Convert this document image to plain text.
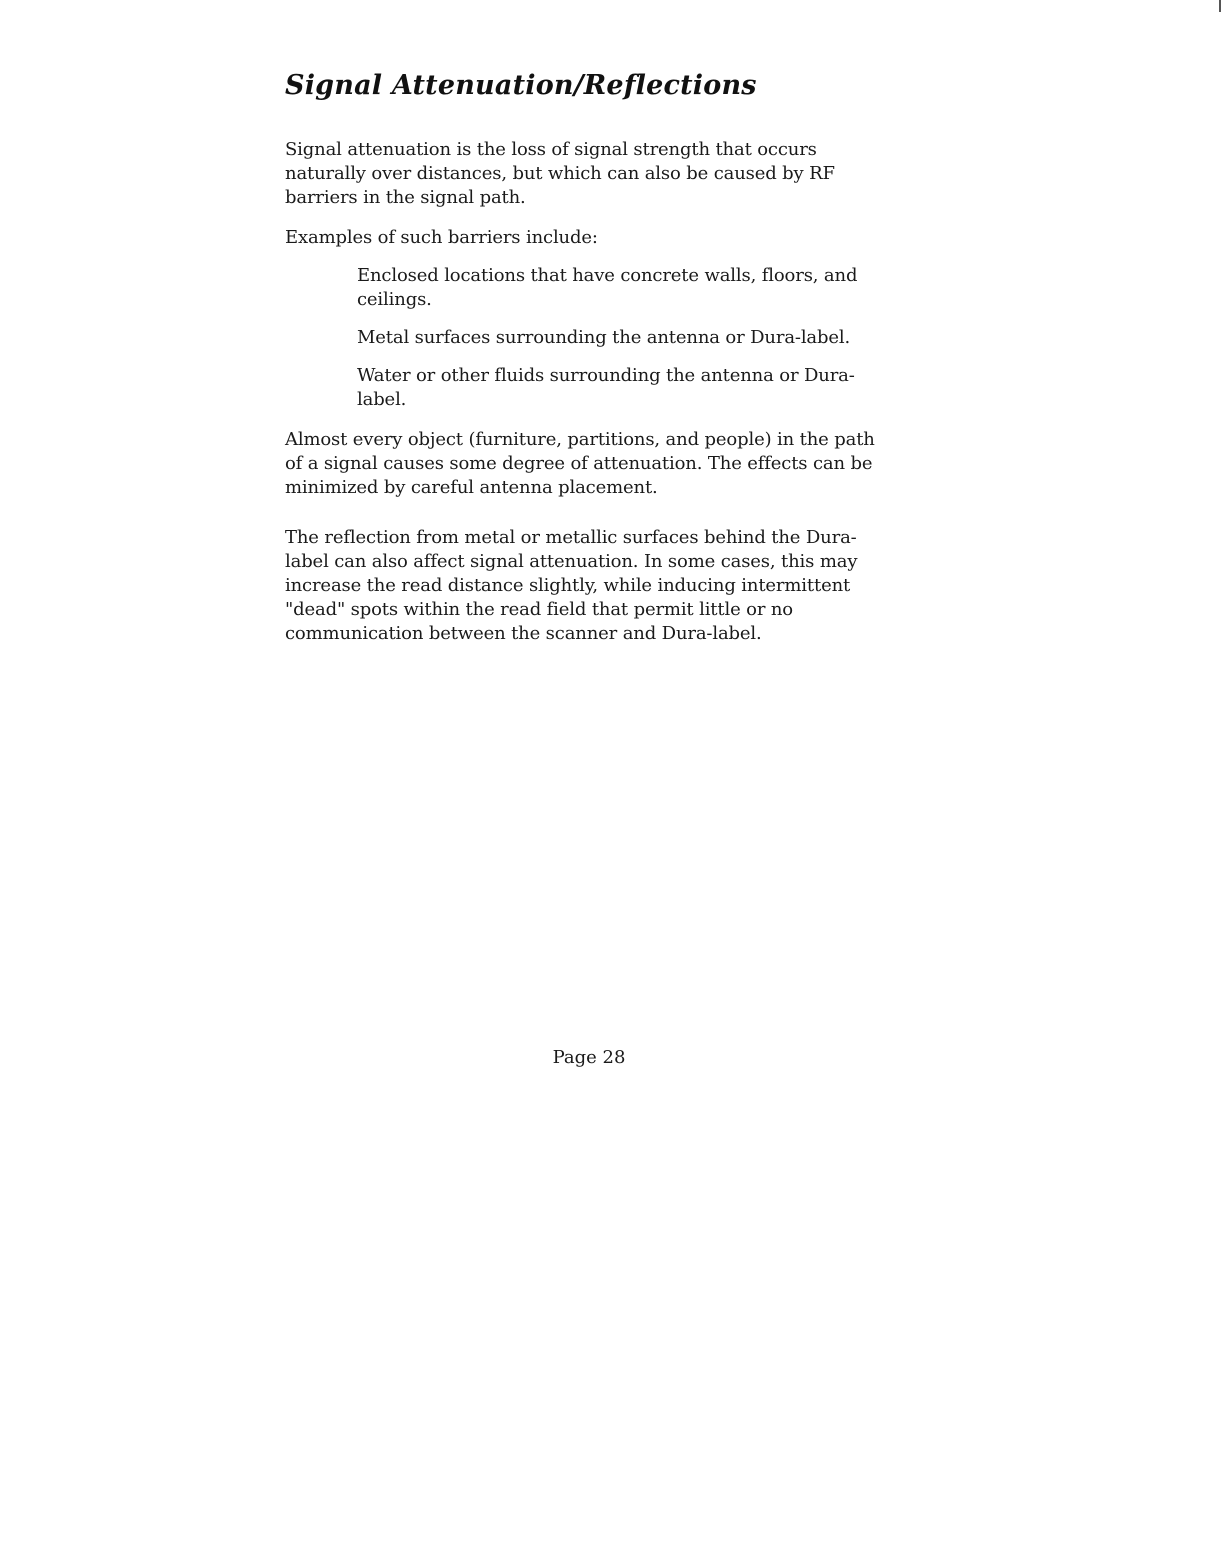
Signal Attenuation/Reflections

Signal attenuation is the loss of signal strength that occurs naturally over distances, but which can also be caused by RF barriers in the signal path.

Examples of such barriers include:

Enclosed locations that have concrete walls, floors, and ceilings.
Metal surfaces surrounding the antenna or Dura-label.
Water or other fluids surrounding the antenna or Dura-label.

Almost every object (furniture, partitions, and people) in the path of a signal causes some degree of attenuation. The effects can be minimized by careful antenna placement.

The reflection from metal or metallic surfaces behind the Dura-label can also affect signal attenuation. In some cases, this may increase the read distance slightly, while inducing intermittent "dead" spots within the read field that permit little or no communication between the scanner and Dura-label.

Page 28
